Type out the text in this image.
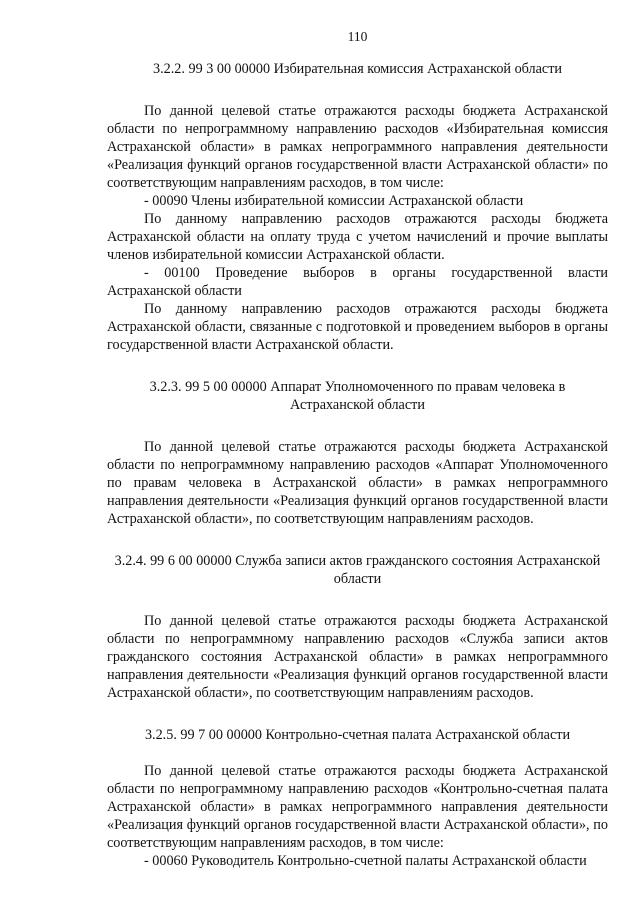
110

3.2.2. 99 3 00 00000 Избирательная комиссия Астраханской области

По данной целевой статье отражаются расходы бюджета Астраханской области по непрограммному направлению расходов «Избирательная комиссия Астраханской области» в рамках непрограммного направления деятельности «Реализация функций органов государственной власти Астраханской области» по соответствующим направлениям расходов, в том числе:

- 00090 Члены избирательной комиссии Астраханской области

По данному направлению расходов отражаются расходы бюджета Астраханской области на оплату труда с учетом начислений и прочие выплаты членов избирательной комиссии Астраханской области.

- 00100 Проведение выборов в органы государственной власти Астраханской области

По данному направлению расходов отражаются расходы бюджета Астраханской области, связанные с подготовкой и проведением выборов в органы государственной власти Астраханской области.

3.2.3. 99 5 00 00000 Аппарат Уполномоченного по правам человека в Астраханской области

По данной целевой статье отражаются расходы бюджета Астраханской области по непрограммному направлению расходов «Аппарат Уполномоченного по правам человека в Астраханской области» в рамках непрограммного направления деятельности «Реализация функций органов государственной власти Астраханской области», по соответствующим направлениям расходов.

3.2.4. 99 6 00 00000 Служба записи актов гражданского состояния Астраханской области

По данной целевой статье отражаются расходы бюджета Астраханской области по непрограммному направлению расходов «Служба записи актов гражданского состояния Астраханской области» в рамках непрограммного направления деятельности «Реализация функций органов государственной власти Астраханской области», по соответствующим направлениям расходов.

3.2.5. 99 7 00 00000 Контрольно-счетная палата Астраханской области

По данной целевой статье отражаются расходы бюджета Астраханской области по непрограммному направлению расходов «Контрольно-счетная палата Астраханской области» в рамках непрограммного направления деятельности «Реализация функций органов государственной власти Астраханской области», по соответствующим направлениям расходов, в том числе:

- 00060 Руководитель Контрольно-счетной палаты Астраханской области
